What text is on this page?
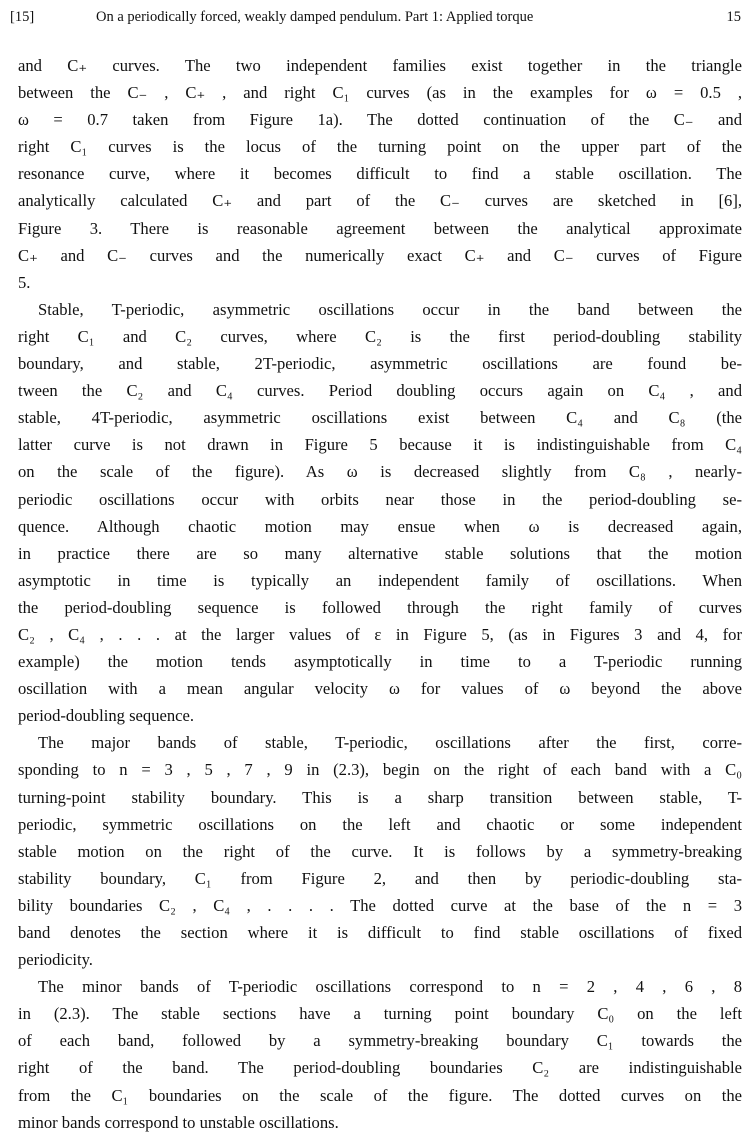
[15]	On a periodically forced, weakly damped pendulum. Part 1: Applied torque	15
and C₊ curves. The two independent families exist together in the triangle
between the C₋ , C₊ , and right C₁ curves (as in the examples for ω = 0.5 ,
ω = 0.7 taken from Figure 1a). The dotted continuation of the C₋ and
right C₁ curves is the locus of the turning point on the upper part of the
resonance curve, where it becomes difficult to find a stable oscillation. The
analytically calculated C₊ and part of the C₋ curves are sketched in [6],
Figure 3. There is reasonable agreement between the analytical approximate
C₊ and C₋ curves and the numerically exact C₊ and C₋ curves of Figure
5.
Stable, T-periodic, asymmetric oscillations occur in the band between the
right C₁ and C₂ curves, where C₂ is the first period-doubling stability
boundary, and stable, 2T-periodic, asymmetric oscillations are found be-
tween the C₂ and C₄ curves. Period doubling occurs again on C₄ , and
stable, 4T-periodic, asymmetric oscillations exist between C₄ and C₈ (the
latter curve is not drawn in Figure 5 because it is indistinguishable from C₄
on the scale of the figure). As ω is decreased slightly from C₈ , nearly-
periodic oscillations occur with orbits near those in the period-doubling se-
quence. Although chaotic motion may ensue when ω is decreased again,
in practice there are so many alternative stable solutions that the motion
asymptotic in time is typically an independent family of oscillations. When
the period-doubling sequence is followed through the right family of curves
C₂ , C₄ , . . . at the larger values of ε in Figure 5, (as in Figures 3 and 4, for
example) the motion tends asymptotically in time to a T-periodic running
oscillation with a mean angular velocity ω for values of ω beyond the above
period-doubling sequence.
The major bands of stable, T-periodic, oscillations after the first, corre-
sponding to n = 3 , 5 , 7 , 9 in (2.3), begin on the right of each band with a C₀
turning-point stability boundary. This is a sharp transition between stable, T-
periodic, symmetric oscillations on the left and chaotic or some independent
stable motion on the right of the curve. It is follows by a symmetry-breaking
stability boundary, C₁ from Figure 2, and then by periodic-doubling sta-
bility boundaries C₂ , C₄ , . . . . The dotted curve at the base of the n = 3
band denotes the section where it is difficult to find stable oscillations of fixed
periodicity.
The minor bands of T-periodic oscillations correspond to n = 2 , 4 , 6 , 8
in (2.3). The stable sections have a turning point boundary C₀ on the left
of each band, followed by a symmetry-breaking boundary C₁ towards the
right of the band. The period-doubling boundaries C₂ are indistinguishable
from the C₁ boundaries on the scale of the figure. The dotted curves on the
minor bands correspond to unstable oscillations.
